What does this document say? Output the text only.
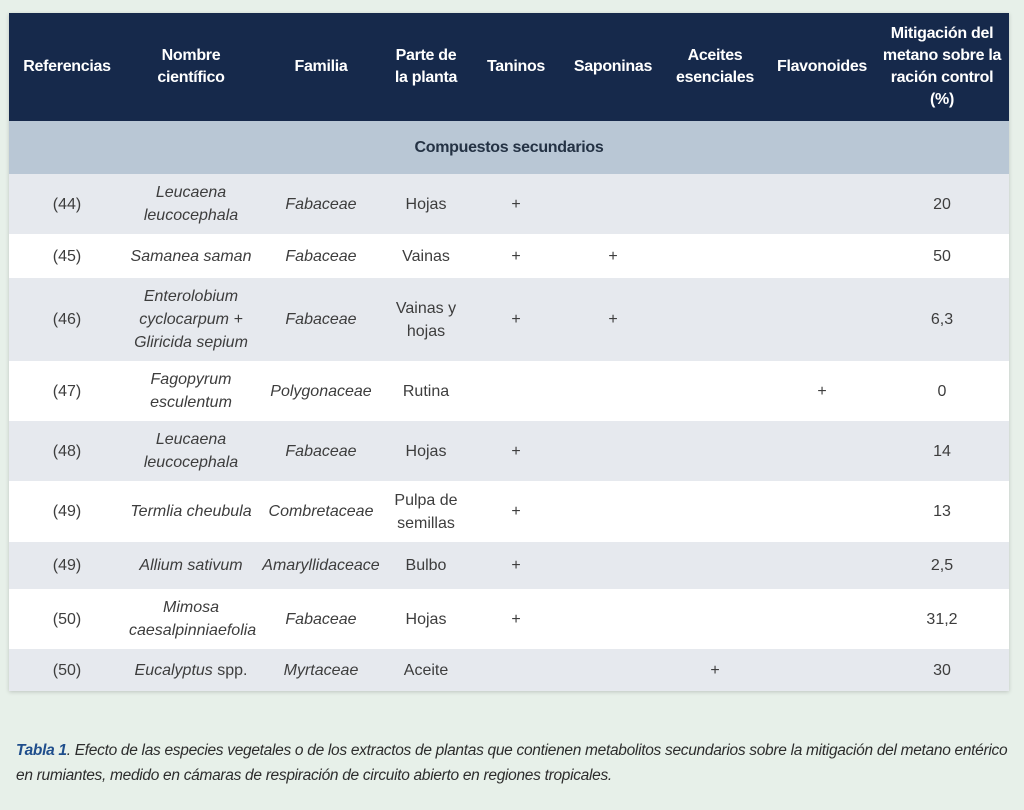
Referencias	Nombre científico	Familia	Parte de la planta	Taninos	Saponinas	Aceites esenciales	Flavonoides	Mitigación del metano sobre la ración control (%)
Compuestos secundarios								
(44)	Leucaena leucocephala	Fabaceae	Hojas	+				20
(45)	Samanea saman	Fabaceae	Vainas	+	+			50
(46)	Enterolobium cyclocarpum + Gliricida sepium	Fabaceae	Vainas y hojas	+	+			6,3
(47)	Fagopyrum esculentum	Polygonaceae	Rutina				+	0
(48)	Leucaena leucocephala	Fabaceae	Hojas	+				14
(49)	Termlia cheubula	Combretaceae	Pulpa de semillas	+				13
(49)	Allium sativum	Amaryllidaceace	Bulbo	+				2,5
(50)	Mimosa caesalpinniaefolia	Fabaceae	Hojas	+				31,2
(50)	Eucalyptus spp.	Myrtaceae	Aceite			+		30
Tabla 1. Efecto de las especies vegetales o de los extractos de plantas que contienen metabolitos secundarios sobre la mitigación del metano entérico en rumiantes, medido en cámaras de respiración de circuito abierto en regiones tropicales.
